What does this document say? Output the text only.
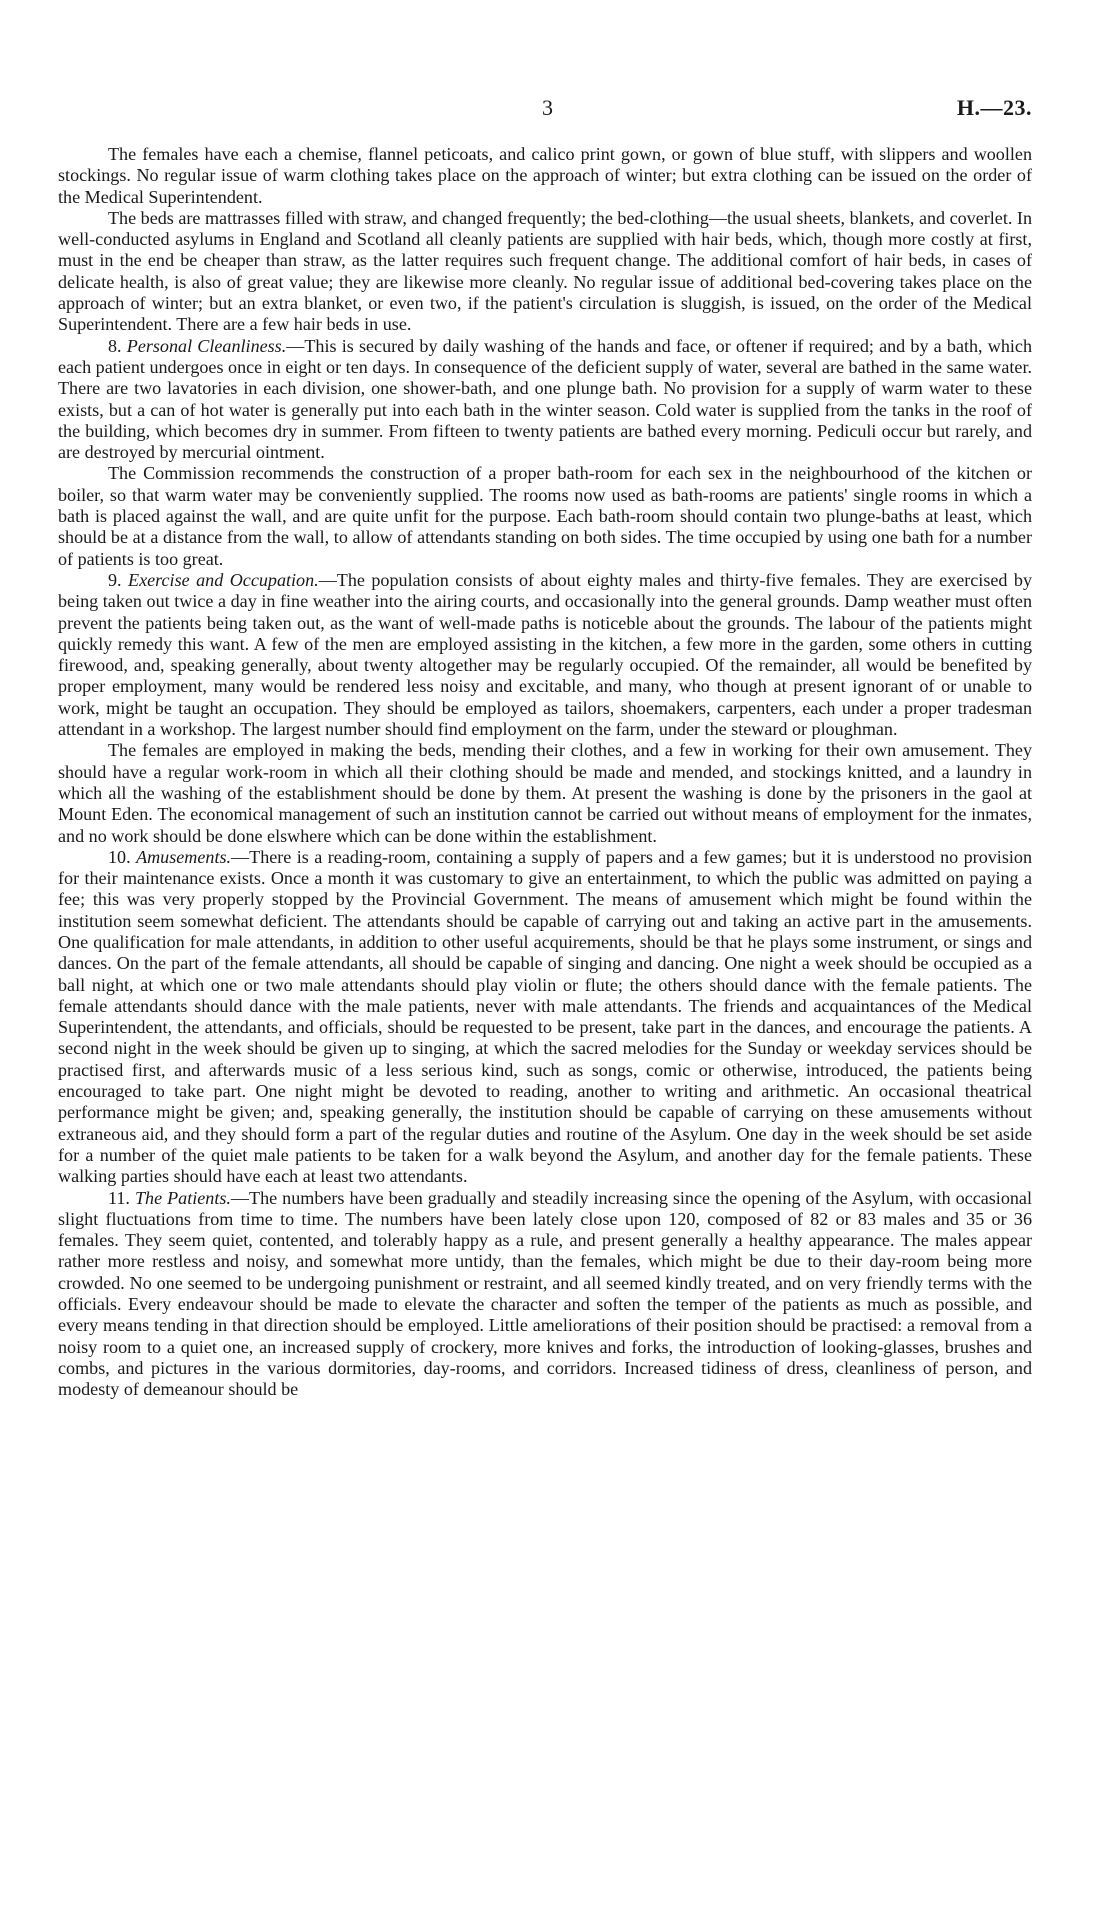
3	H.—23.

The females have each a chemise, flannel peticoats, and calico print gown, or gown of blue stuff, with slippers and woollen stockings. No regular issue of warm clothing takes place on the approach of winter; but extra clothing can be issued on the order of the Medical Superintendent.

The beds are mattrasses filled with straw, and changed frequently; the bed-clothing—the usual sheets, blankets, and coverlet. In well-conducted asylums in England and Scotland all cleanly patients are supplied with hair beds, which, though more costly at first, must in the end be cheaper than straw, as the latter requires such frequent change. The additional comfort of hair beds, in cases of delicate health, is also of great value; they are likewise more cleanly. No regular issue of additional bed-covering takes place on the approach of winter; but an extra blanket, or even two, if the patient's circulation is sluggish, is issued, on the order of the Medical Superintendent. There are a few hair beds in use.

8. Personal Cleanliness.—This is secured by daily washing of the hands and face, or oftener if required; and by a bath, which each patient undergoes once in eight or ten days. In consequence of the deficient supply of water, several are bathed in the same water. There are two lavatories in each division, one shower-bath, and one plunge bath. No provision for a supply of warm water to these exists, but a can of hot water is generally put into each bath in the winter season. Cold water is supplied from the tanks in the roof of the building, which becomes dry in summer. From fifteen to twenty patients are bathed every morning. Pediculi occur but rarely, and are destroyed by mercurial ointment.

The Commission recommends the construction of a proper bath-room for each sex in the neighbourhood of the kitchen or boiler, so that warm water may be conveniently supplied. The rooms now used as bath-rooms are patients' single rooms in which a bath is placed against the wall, and are quite unfit for the purpose. Each bath-room should contain two plunge-baths at least, which should be at a distance from the wall, to allow of attendants standing on both sides. The time occupied by using one bath for a number of patients is too great.

9. Exercise and Occupation.—The population consists of about eighty males and thirty-five females. They are exercised by being taken out twice a day in fine weather into the airing courts, and occasionally into the general grounds. Damp weather must often prevent the patients being taken out, as the want of well-made paths is noticeble about the grounds. The labour of the patients might quickly remedy this want. A few of the men are employed assisting in the kitchen, a few more in the garden, some others in cutting firewood, and, speaking generally, about twenty altogether may be regularly occupied. Of the remainder, all would be benefited by proper employment, many would be rendered less noisy and excitable, and many, who though at present ignorant of or unable to work, might be taught an occupation. They should be employed as tailors, shoemakers, carpenters, each under a proper tradesman attendant in a workshop. The largest number should find employment on the farm, under the steward or ploughman.

The females are employed in making the beds, mending their clothes, and a few in working for their own amusement. They should have a regular work-room in which all their clothing should be made and mended, and stockings knitted, and a laundry in which all the washing of the establishment should be done by them. At present the washing is done by the prisoners in the gaol at Mount Eden. The economical management of such an institution cannot be carried out without means of employment for the inmates, and no work should be done elswhere which can be done within the establishment.

10. Amusements.—There is a reading-room, containing a supply of papers and a few games; but it is understood no provision for their maintenance exists. Once a month it was customary to give an entertainment, to which the public was admitted on paying a fee; this was very properly stopped by the Provincial Government. The means of amusement which might be found within the institution seem somewhat deficient. The attendants should be capable of carrying out and taking an active part in the amusements. One qualification for male attendants, in addition to other useful acquirements, should be that he plays some instrument, or sings and dances. On the part of the female attendants, all should be capable of singing and dancing. One night a week should be occupied as a ball night, at which one or two male attendants should play violin or flute; the others should dance with the female patients. The female attendants should dance with the male patients, never with male attendants. The friends and acquaintances of the Medical Superintendent, the attendants, and officials, should be requested to be present, take part in the dances, and encourage the patients. A second night in the week should be given up to singing, at which the sacred melodies for the Sunday or weekday services should be practised first, and afterwards music of a less serious kind, such as songs, comic or otherwise, introduced, the patients being encouraged to take part. One night might be devoted to reading, another to writing and arithmetic. An occasional theatrical performance might be given; and, speaking generally, the institution should be capable of carrying on these amusements without extraneous aid, and they should form a part of the regular duties and routine of the Asylum. One day in the week should be set aside for a number of the quiet male patients to be taken for a walk beyond the Asylum, and another day for the female patients. These walking parties should have each at least two attendants.

11. The Patients.—The numbers have been gradually and steadily increasing since the opening of the Asylum, with occasional slight fluctuations from time to time. The numbers have been lately close upon 120, composed of 82 or 83 males and 35 or 36 females. They seem quiet, contented, and tolerably happy as a rule, and present generally a healthy appearance. The males appear rather more restless and noisy, and somewhat more untidy, than the females, which might be due to their day-room being more crowded. No one seemed to be undergoing punishment or restraint, and all seemed kindly treated, and on very friendly terms with the officials. Every endeavour should be made to elevate the character and soften the temper of the patients as much as possible, and every means tending in that direction should be employed. Little ameliorations of their position should be practised: a removal from a noisy room to a quiet one, an increased supply of crockery, more knives and forks, the introduction of looking-glasses, brushes and combs, and pictures in the various dormitories, day-rooms, and corridors. Increased tidiness of dress, cleanliness of person, and modesty of demeanour should be
